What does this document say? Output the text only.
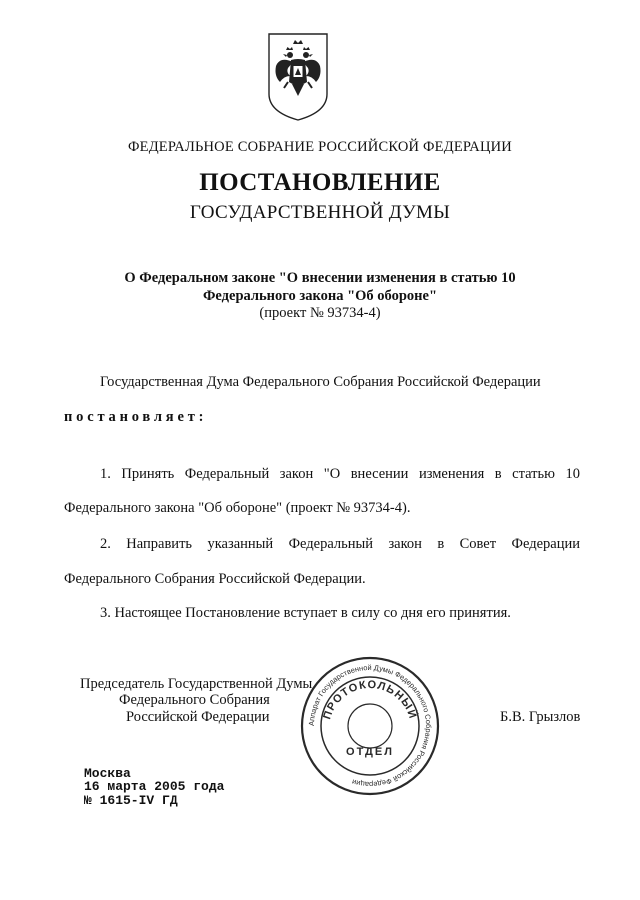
ФЕДЕРАЛЬНОЕ СОБРАНИЕ РОССИЙСКОЙ ФЕДЕРАЦИИ
ПОСТАНОВЛЕНИЕ
ГОСУДАРСТВЕННОЙ ДУМЫ
О Федеральном законе "О внесении изменения в статью 10
Федерального закона "Об обороне"
(проект № 93734-4)
Государственная Дума Федерального Собрания Российской Федерации
постановляет:
1. Принять Федеральный закон "О внесении изменения в статью 10
Федерального закона "Об обороне" (проект № 93734-4).
2. Направить указанный Федеральный закон в Совет Федерации
Федерального Собрания Российской Федерации.
3. Настоящее Постановление вступает в силу со дня его принятия.
Председатель Государственной Думы
Федерального Собрания
Российской Федерации	Б.В. Грызлов
Аппарат Государственной Думы Федерального Собрания Российской Федерации
ПРОТОКОЛЬНЫЙ
ОТДЕЛ
Москва
16 марта 2005 года
№ 1615-IV ГД
